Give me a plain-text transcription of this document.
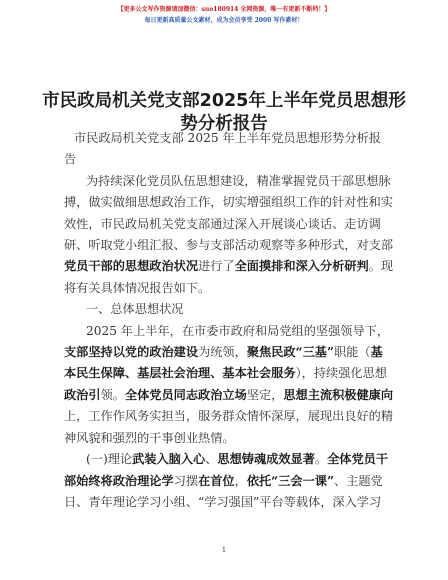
【更多公文写作资源请加微信：suo180914 全网资源，唯一有更新不断档！】
每日更新高质量公文素材，成为会员享受 2000 写作素材！
市民政局机关党支部2025年上半年党员思想形
势分析报告

市民政局机关党支部 2025 年上半年党员思想形势分析报

告

为持续深化党员队伍思想建设，精准掌握党员干部思想脉

搏，做实做细思想政治工作，切实增强组织工作的针对性和实

效性，市民政局机关党支部通过深入开展谈心谈话、走访调

研、听取党小组汇报、参与支部活动观察等多种形式，对支部

党员干部的思想政治状况进行了全面摸排和深入分析研判。现

将有关具体情况报告如下。

一、总体思想状况

2025 年上半年，在市委市政府和局党组的坚强领导下，

支部坚持以党的政治建设为统领，聚焦民政“三基”职能（基

本民生保障、基层社会治理、基本社会服务），持续强化思想

政治引领。全体党员同志政治立场坚定，思想主流积极健康向

上，工作作风务实担当，服务群众情怀深厚，展现出良好的精

神风貌和强烈的干事创业热情。

(一)理论武装入脑入心、思想铸魂成效显著。全体党员干

部始终将政治理论学习摆在首位，依托“三会一课”、主题党

日、青年理论学习小组、“学习强国”平台等载体，深入学习

1
